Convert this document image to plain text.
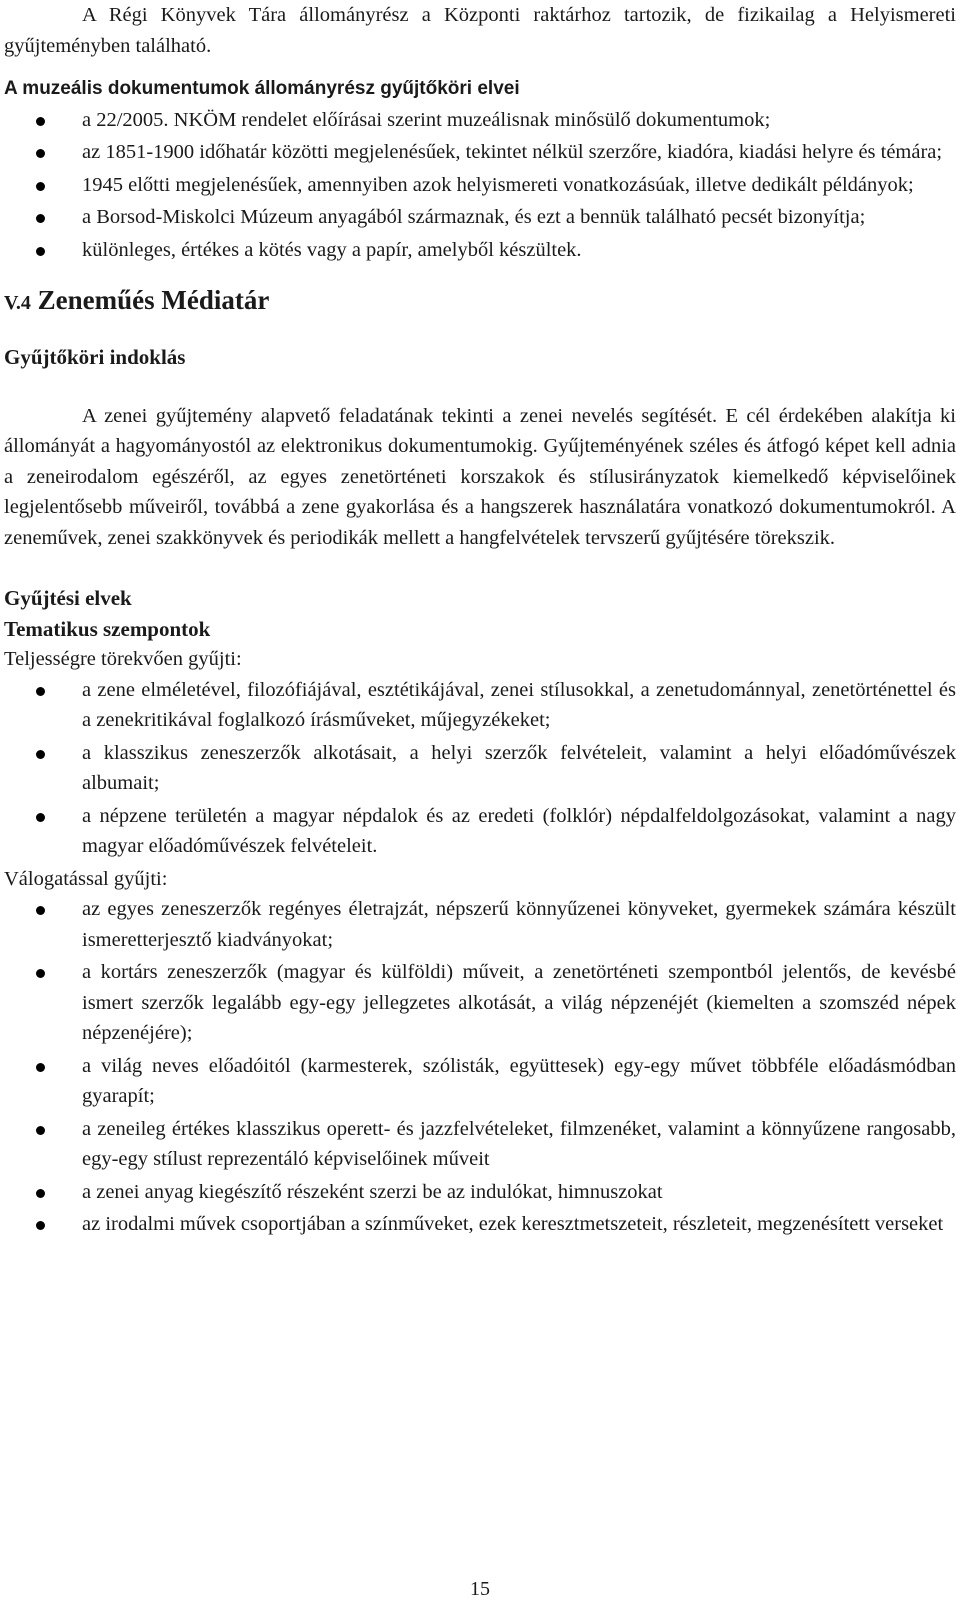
A Régi Könyvek Tára állományrész a Központi raktárhoz tartozik, de fizikailag a Helyismereti gyűjteményben található.

A muzeális dokumentumok állományrész gyűjtőköri elvei

a 22/2005. NKÖM rendelet előírásai szerint muzeálisnak minősülő dokumentumok;
az 1851-1900 időhatár közötti megjelenésűek, tekintet nélkül szerzőre, kiadóra, kiadási helyre és témára;
1945 előtti megjelenésűek, amennyiben azok helyismereti vonatkozásúak, illetve dedikált példányok;
a Borsod-Miskolci Múzeum anyagából származnak, és ezt a bennük található pecsét bizonyítja;
különleges, értékes a kötés vagy a papír, amelyből készültek.

V.4 Zeneműés Médiatár

Gyűjtőköri indoklás

A zenei gyűjtemény alapvető feladatának tekinti a zenei nevelés segítését. E cél érdekében alakítja ki állományát a hagyományostól az elektronikus dokumentumokig. Gyűjteményének széles és átfogó képet kell adnia a zeneirodalom egészéről, az egyes zenetörténeti korszakok és stílusirányzatok kiemelkedő képviselőinek legjelentősebb műveiről, továbbá a zene gyakorlása és a hangszerek használatára vonatkozó dokumentumokról. A zeneművek, zenei szakkönyvek és periodikák mellett a hangfelvételek tervszerű gyűjtésére törekszik.

Gyűjtési elvek

Tematikus szempontok

Teljességre törekvően gyűjti:

a zene elméletével, filozófiájával, esztétikájával, zenei stílusokkal, a zenetudománnyal, zenetörténettel és a zenekritikával foglalkozó írásműveket, műjegyzékeket;
a klasszikus zeneszerzők alkotásait, a helyi szerzők felvételeit, valamint a helyi előadóművészek albumait;
a népzene területén a magyar népdalok és az eredeti (folklór) népdalfeldolgozásokat, valamint a nagy magyar előadóművészek felvételeit.

Válogatással gyűjti:

az egyes zeneszerzők regényes életrajzát, népszerű könnyűzenei könyveket, gyermekek számára készült ismeretterjesztő kiadványokat;
a kortárs zeneszerzők (magyar és külföldi) műveit, a zenetörténeti szempontból jelentős, de kevésbé ismert szerzők legalább egy-egy jellegzetes alkotását, a világ népzenéjét (kiemelten a szomszéd népek népzenéjére);
a világ neves előadóitól (karmesterek, szólisták, együttesek) egy-egy művet többféle előadásmódban gyarapít;
a zeneileg értékes klasszikus operett- és jazzfelvételeket, filmzenéket, valamint a könnyűzene rangosabb, egy-egy stílust reprezentáló képviselőinek műveit
a zenei anyag kiegészítő részeként szerzi be az indulókat, himnuszokat
az irodalmi művek csoportjában a színműveket, ezek keresztmetszeteit, részleteit, megzenésített verseket
15
